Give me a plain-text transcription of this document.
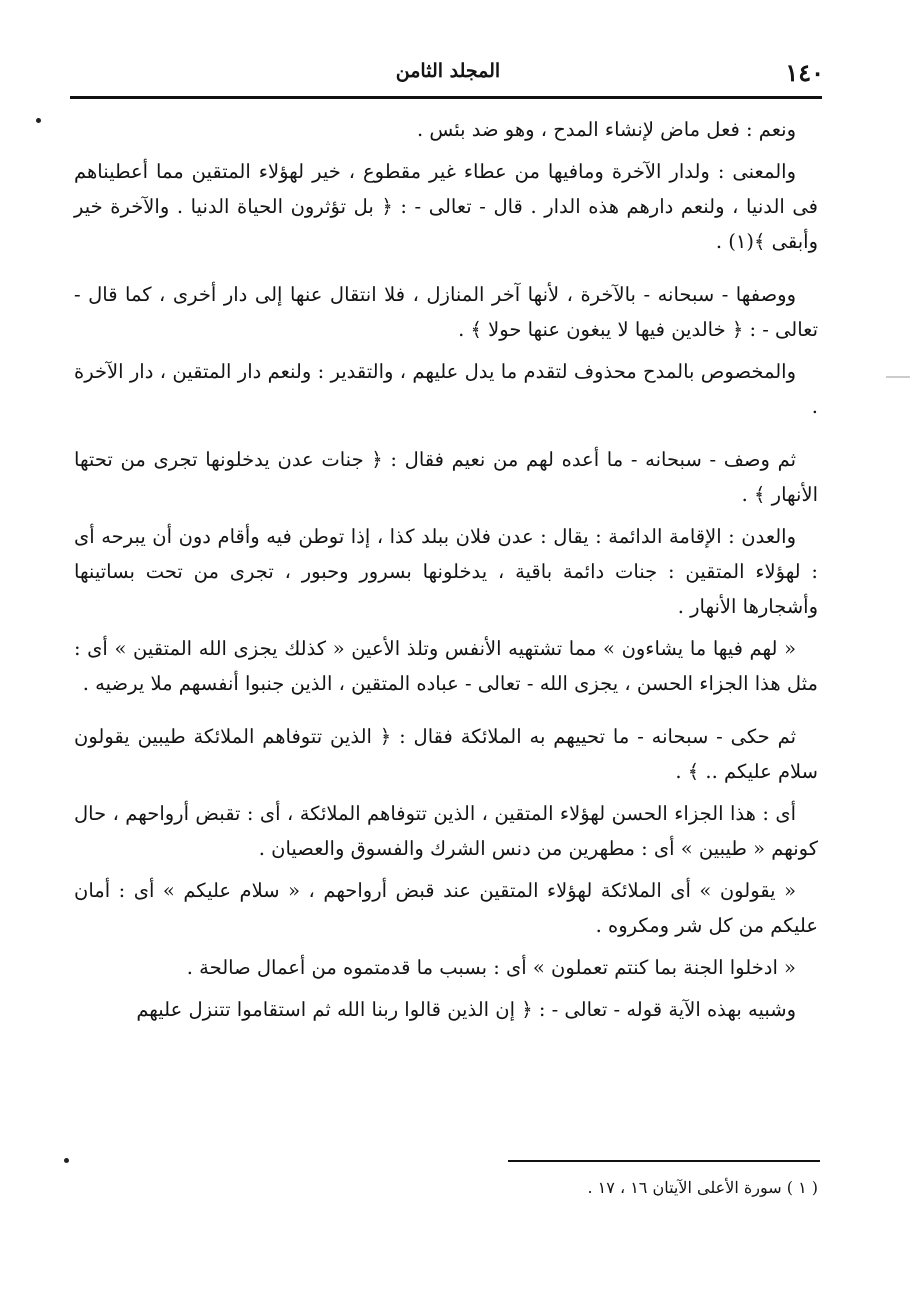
١٤٠
المجلد الثامن

ونعم : فعل ماض لإنشاء المدح ، وهو ضد بئس .

والمعنى : ولدار الآخرة ومافيها من عطاء غير مقطوع ، خير لهؤلاء المتقين مما أعطيناهم فى الدنيا ، ولنعم دارهم هذه الدار . قال - تعالى - : ﴿ بل تؤثرون الحياة الدنيا . والآخرة خير وأبقى ﴾(١) .

ووصفها - سبحانه - بالآخرة ، لأنها آخر المنازل ، فلا انتقال عنها إلى دار أخرى ، كما قال - تعالى - : ﴿ خالدين فيها لا يبغون عنها حولا ﴾ .

والمخصوص بالمدح محذوف لتقدم ما يدل عليهم ، والتقدير : ولنعم دار المتقين ، دار الآخرة .

ثم وصف - سبحانه - ما أعده لهم من نعيم فقال : ﴿ جنات عدن يدخلونها تجرى من تحتها الأنهار ﴾ .

والعدن : الإقامة الدائمة : يقال : عدن فلان ببلد كذا ، إذا توطن فيه وأقام دون أن يبرحه أى : لهؤلاء المتقين : جنات دائمة باقية ، يدخلونها بسرور وحبور ، تجرى من تحت بساتينها وأشجارها الأنهار .

« لهم فيها ما يشاءون » مما تشتهيه الأنفس وتلذ الأعين « كذلك يجزى الله المتقين » أى : مثل هذا الجزاء الحسن ، يجزى الله - تعالى - عباده المتقين ، الذين جنبوا أنفسهم ملا يرضيه .

ثم حكى - سبحانه - ما تحييهم به الملائكة فقال : ﴿ الذين تتوفاهم الملائكة طيبين يقولون سلام عليكم .. ﴾ .

أى : هذا الجزاء الحسن لهؤلاء المتقين ، الذين تتوفاهم الملائكة ، أى : تقبض أرواحهم ، حال كونهم « طيبين » أى : مطهرين من دنس الشرك والفسوق والعصيان .

« يقولون » أى الملائكة لهؤلاء المتقين عند قبض أرواحهم ، « سلام عليكم » أى : أمان عليكم من كل شر ومكروه .

« ادخلوا الجنة بما كنتم تعملون » أى : بسبب ما قدمتموه من أعمال صالحة .

وشبيه بهذه الآية قوله - تعالى - : ﴿ إن الذين قالوا ربنا الله ثم استقاموا تتنزل عليهم

( ١ ) سورة الأعلى الآيتان ١٦ ، ١٧ .
